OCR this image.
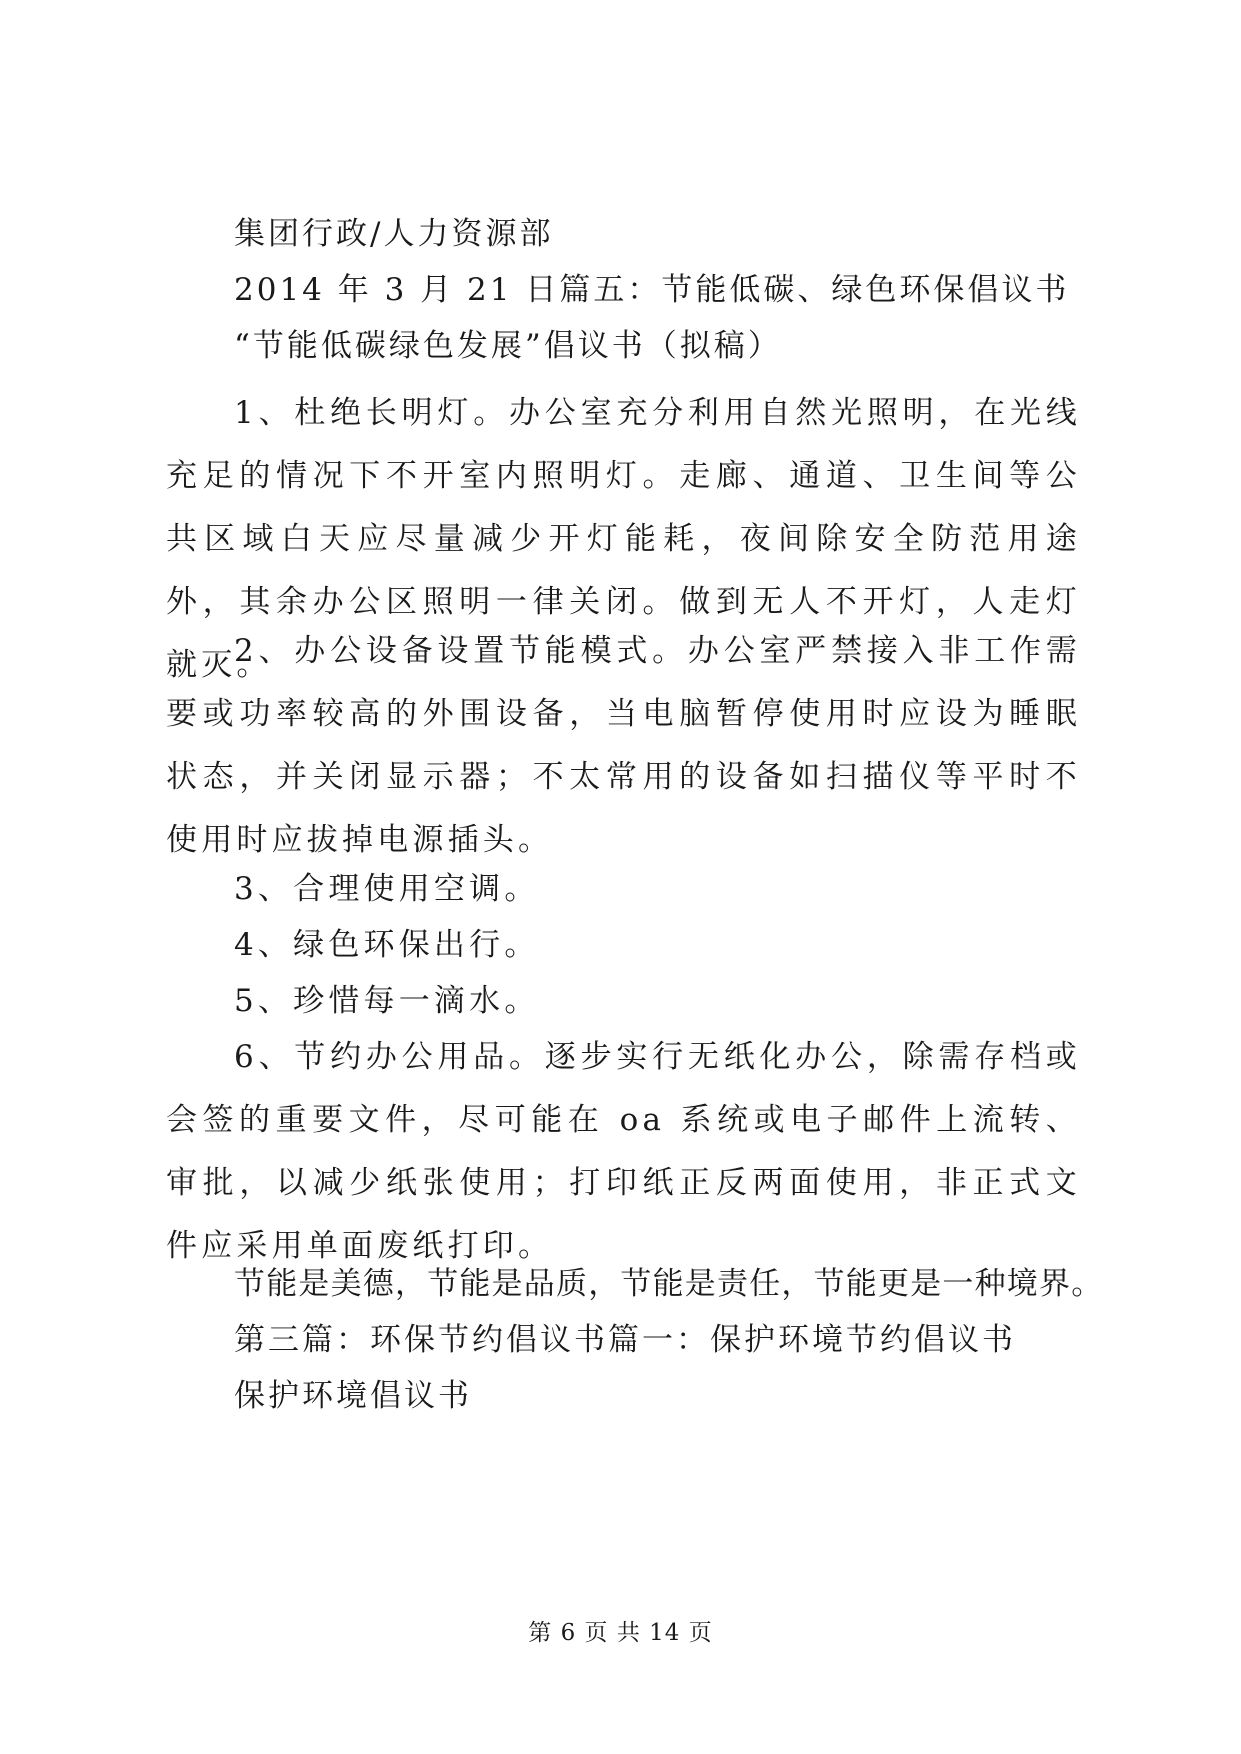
集团行政/人力资源部
2014 年 3 月 21 日篇五：节能低碳、绿色环保倡议书
“节能低碳绿色发展”倡议书（拟稿）

1、杜绝长明灯。办公室充分利用自然光照明，在光线充足的情况下不开室内照明灯。走廊、通道、卫生间等公共区域白天应尽量减少开灯能耗，夜间除安全防范用途外，其余办公区照明一律关闭。做到无人不开灯，人走灯就灭。

2、办公设备设置节能模式。办公室严禁接入非工作需要或功率较高的外围设备，当电脑暂停使用时应设为睡眠状态，并关闭显示器；不太常用的设备如扫描仪等平时不使用时应拔掉电源插头。

3、合理使用空调。

4、绿色环保出行。

5、珍惜每一滴水。

6、节约办公用品。逐步实行无纸化办公，除需存档或会签的重要文件，尽可能在 oa 系统或电子邮件上流转、审批，以减少纸张使用；打印纸正反两面使用，非正式文件应采用单面废纸打印。

节能是美德，节能是品质，节能是责任，节能更是一种境界。
第三篇：环保节约倡议书篇一：保护环境节约倡议书
保护环境倡议书
第 6 页 共 14 页
